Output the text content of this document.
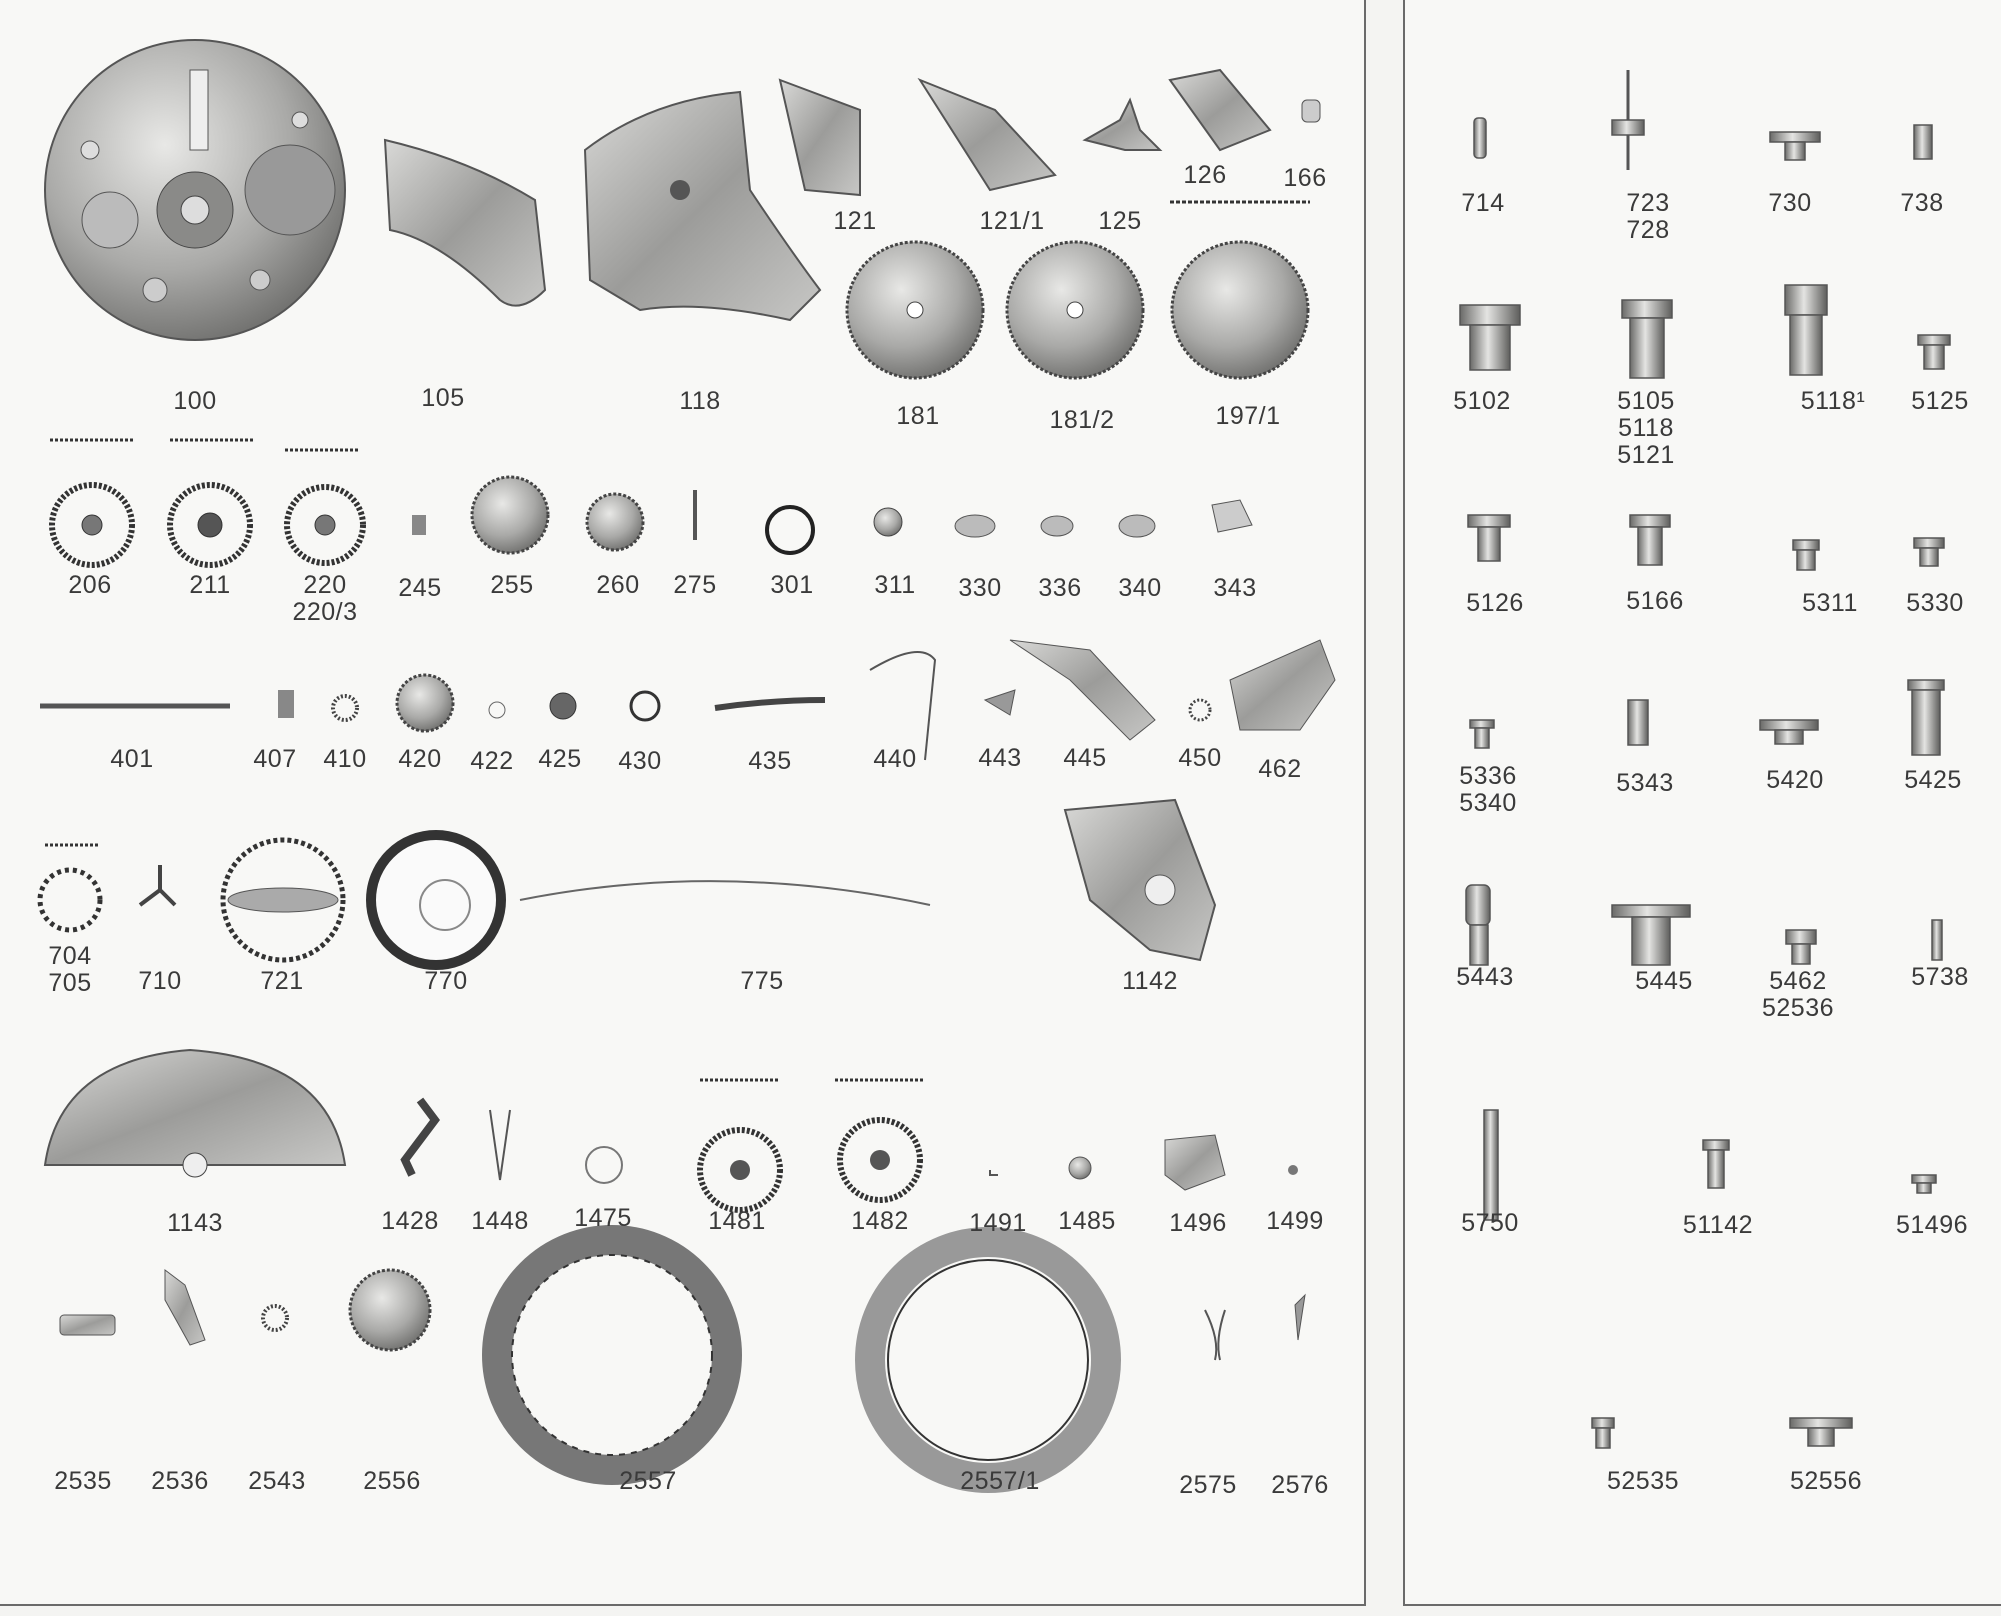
100	105	118
121	121/1 125
126 166
181	181/2	197/1
206	211	220
220/3
245 255	260 275 301 311 330 336 340 343
401	407 410 420 422 425 430	435	440 443 445	450 462
704
705 710	721	770	775	1142
1143	1428 1448 1475	1481	1482 1491 1485 1496 1499
2535 2536 2543 2556	2557	2557/1	2575 2576
714	723
728
730	738
5102	5105
5118
5121
5118¹ 5125
5126	5166	5311 5330
5336
5340
5343	5420	5425
5443	5445	5462
52536
5738
5750	51142	51496
52535	52556
